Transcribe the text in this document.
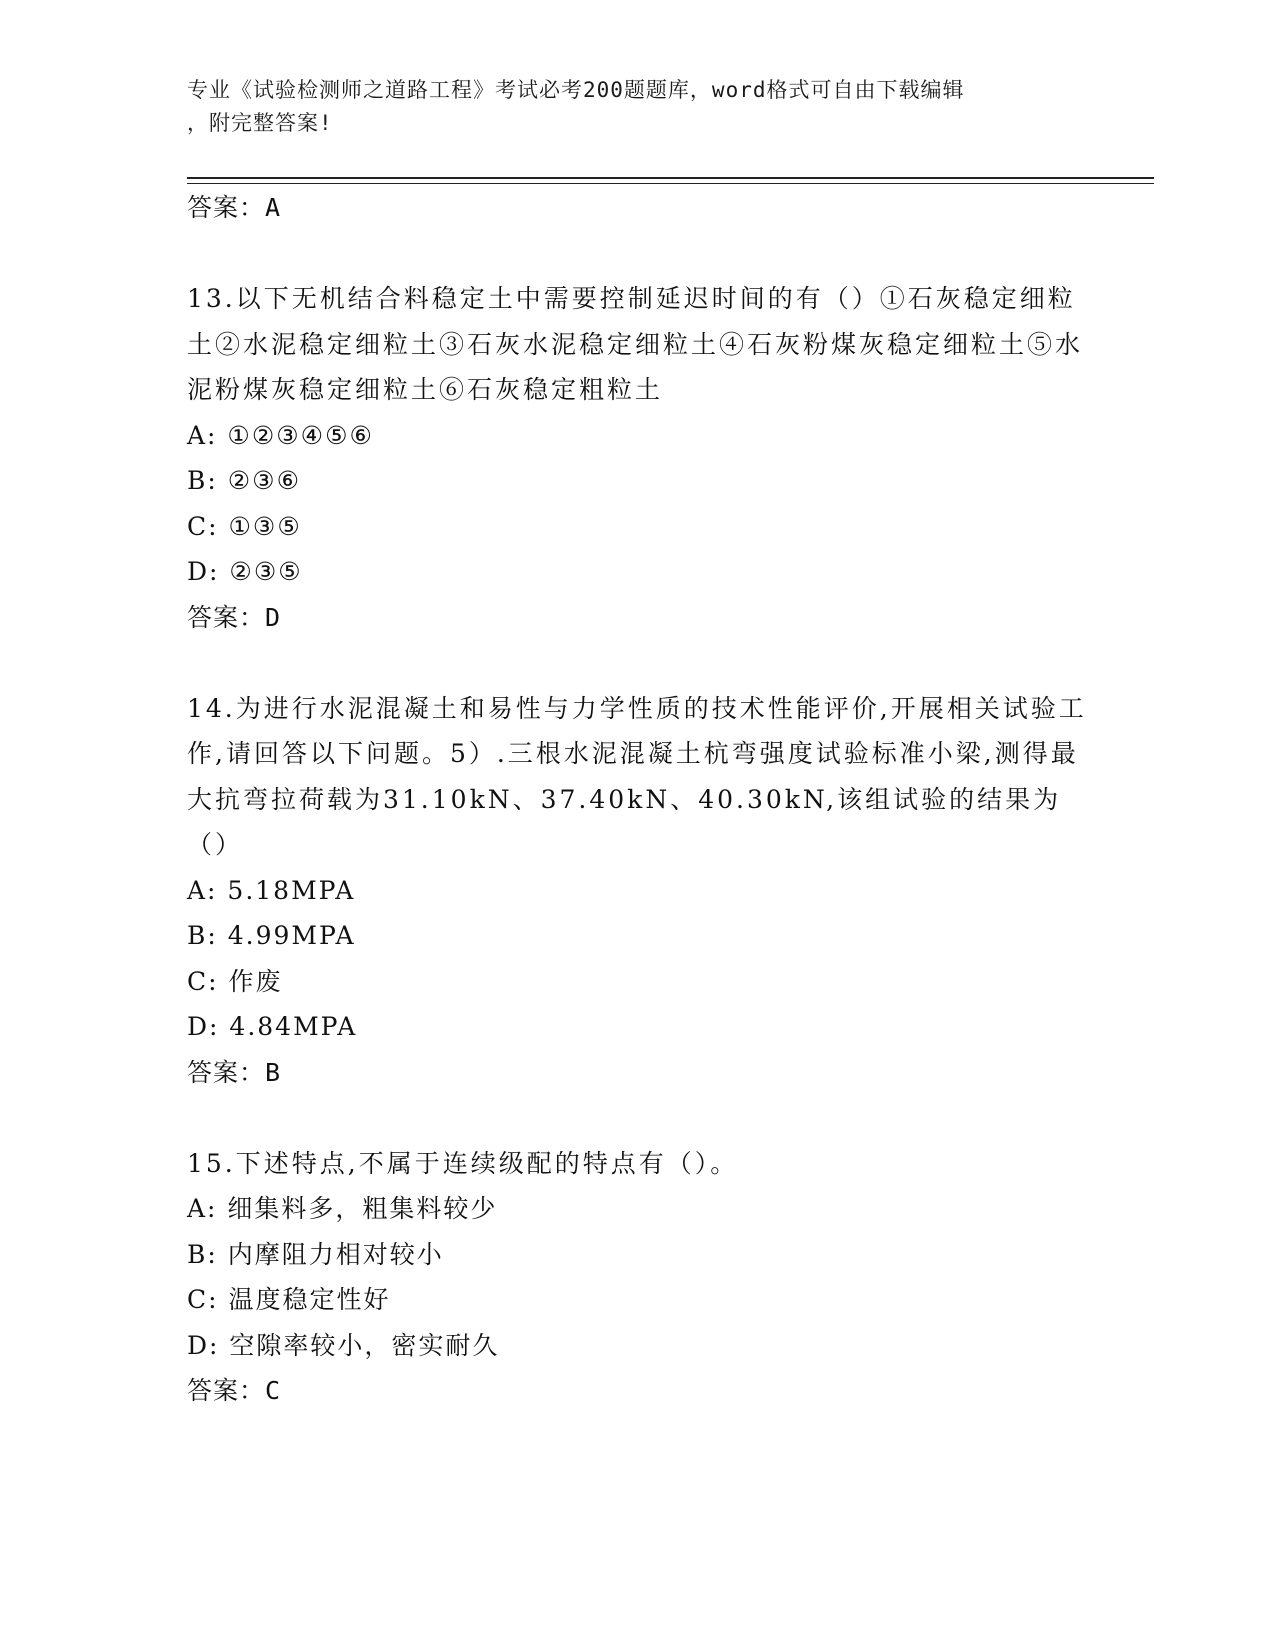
专业《试验检测师之道路工程》考试必考200题题库，word格式可自由下载编辑
，附完整答案!
答案：A
13.以下无机结合料稳定土中需要控制延迟时间的有（）①石灰稳定细粒土②水泥稳定细粒土③石灰水泥稳定细粒土④石灰粉煤灰稳定细粒土⑤水泥粉煤灰稳定细粒土⑥石灰稳定粗粒土
A: ①②③④⑤⑥
B: ②③⑥
C: ①③⑤
D: ②③⑤
答案：D
14.为进行水泥混凝土和易性与力学性质的技术性能评价,开展相关试验工作,请回答以下问题。5）.三根水泥混凝土杭弯强度试验标准小梁,测得最大抗弯拉荷载为31.10kN、37.40kN、40.30kN,该组试验的结果为（）
A: 5.18MPA
B: 4.99MPA
C: 作废
D: 4.84MPA
答案：B
15.下述特点,不属于连续级配的特点有（）。
A: 细集料多，粗集料较少
B: 内摩阻力相对较小
C: 温度稳定性好
D: 空隙率较小，密实耐久
答案：C
